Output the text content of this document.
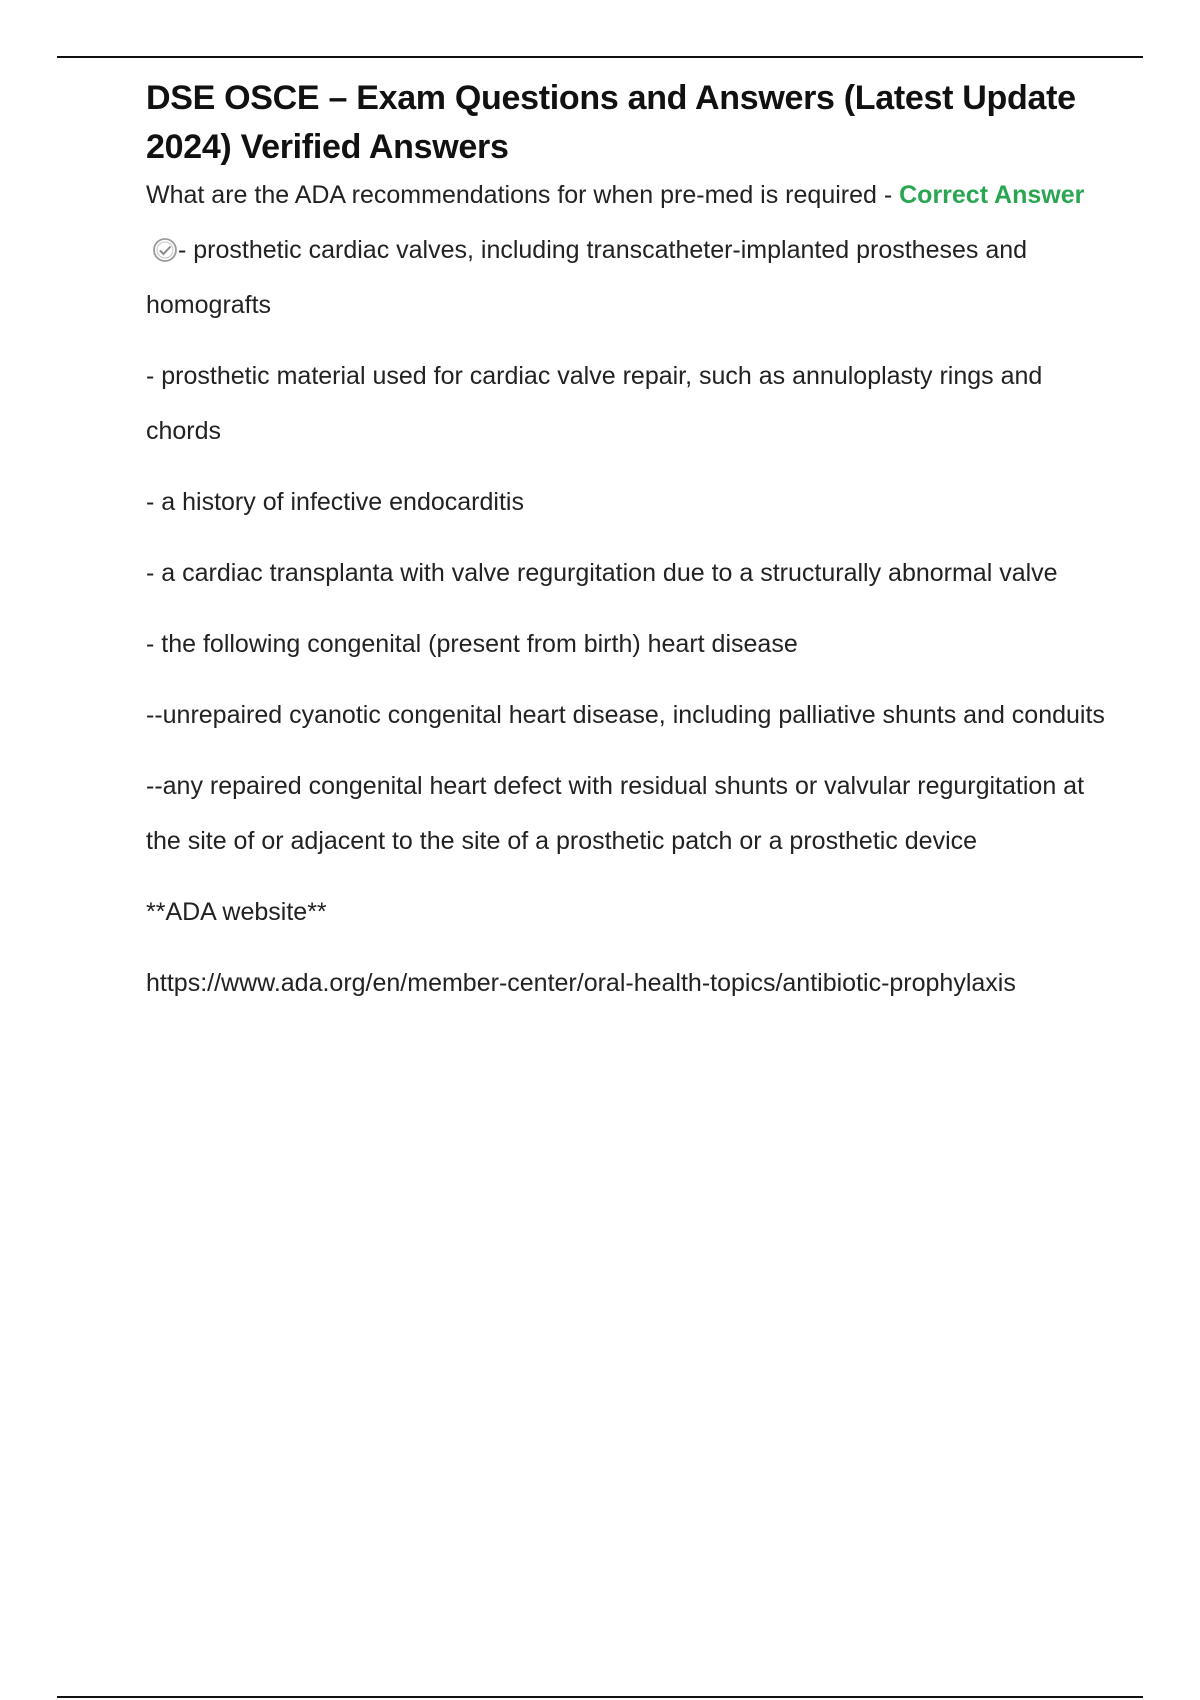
DSE OSCE – Exam Questions and Answers (Latest Update 2024) Verified Answers

What are the ADA recommendations for when pre-med is required - Correct Answer- prosthetic cardiac valves, including transcatheter-implanted prostheses and homografts

- prosthetic material used for cardiac valve repair, such as annuloplasty rings and chords

- a history of infective endocarditis

- a cardiac transplanta with valve regurgitation due to a structurally abnormal valve

- the following congenital (present from birth) heart disease

--unrepaired cyanotic congenital heart disease, including palliative shunts and conduits

--any repaired congenital heart defect with residual shunts or valvular regurgitation at the site of or adjacent to the site of a prosthetic patch or a prosthetic device

**ADA website**

https://www.ada.org/en/member-center/oral-health-topics/antibiotic-prophylaxis
